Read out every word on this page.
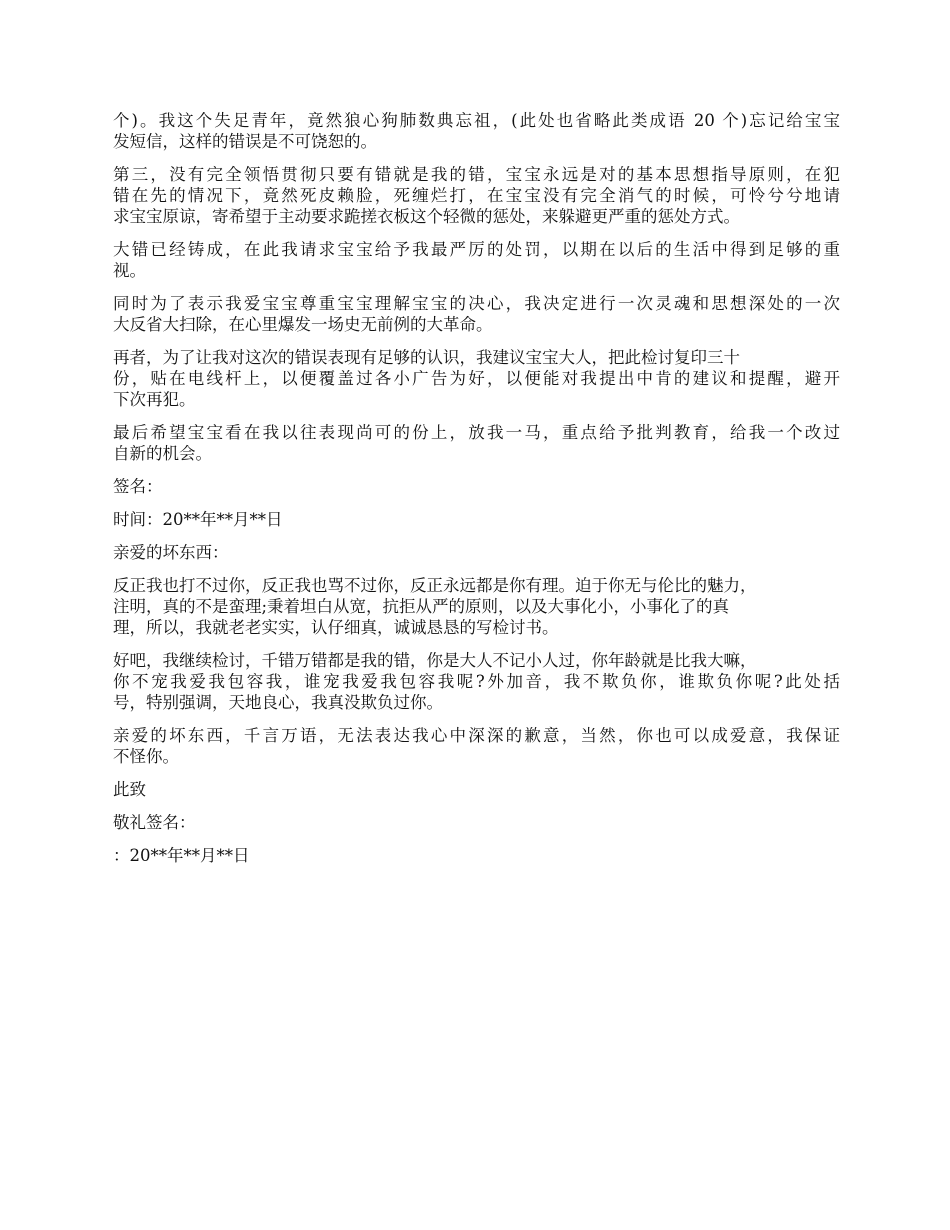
个)。我这个失足青年，竟然狼心狗肺数典忘祖，(此处也省略此类成语 20 个)忘记给宝宝
发短信，这样的错误是不可饶恕的。

第三，没有完全领悟贯彻只要有错就是我的错，宝宝永远是对的基本思想指导原则，在犯
错在先的情况下，竟然死皮赖脸，死缠烂打，在宝宝没有完全消气的时候，可怜兮兮地请
求宝宝原谅，寄希望于主动要求跪搓衣板这个轻微的惩处，来躲避更严重的惩处方式。

大错已经铸成，在此我请求宝宝给予我最严厉的处罚，以期在以后的生活中得到足够的重
视。

同时为了表示我爱宝宝尊重宝宝理解宝宝的决心，我决定进行一次灵魂和思想深处的一次
大反省大扫除，在心里爆发一场史无前例的大革命。

再者，为了让我对这次的错误表现有足够的认识，我建议宝宝大人，把此检讨复印三十
份，贴在电线杆上，以便覆盖过各小广告为好，以便能对我提出中肯的建议和提醒，避开
下次再犯。

最后希望宝宝看在我以往表现尚可的份上，放我一马，重点给予批判教育，给我一个改过
自新的机会。

签名：

时间：20**年**月**日

亲爱的坏东西：

反正我也打不过你，反正我也骂不过你，反正永远都是你有理。迫于你无与伦比的魅力，
注明，真的不是蛮理;秉着坦白从宽，抗拒从严的原则，以及大事化小，小事化了的真
理，所以，我就老老实实，认仔细真，诚诚恳恳的写检讨书。

好吧，我继续检讨，千错万错都是我的错，你是大人不记小人过，你年龄就是比我大嘛，
你不宠我爱我包容我，谁宠我爱我包容我呢?外加音，我不欺负你，谁欺负你呢?此处括
号，特别强调，天地良心，我真没欺负过你。

亲爱的坏东西，千言万语，无法表达我心中深深的歉意，当然，你也可以成爱意，我保证
不怪你。

此致

敬礼签名：

：20**年**月**日
